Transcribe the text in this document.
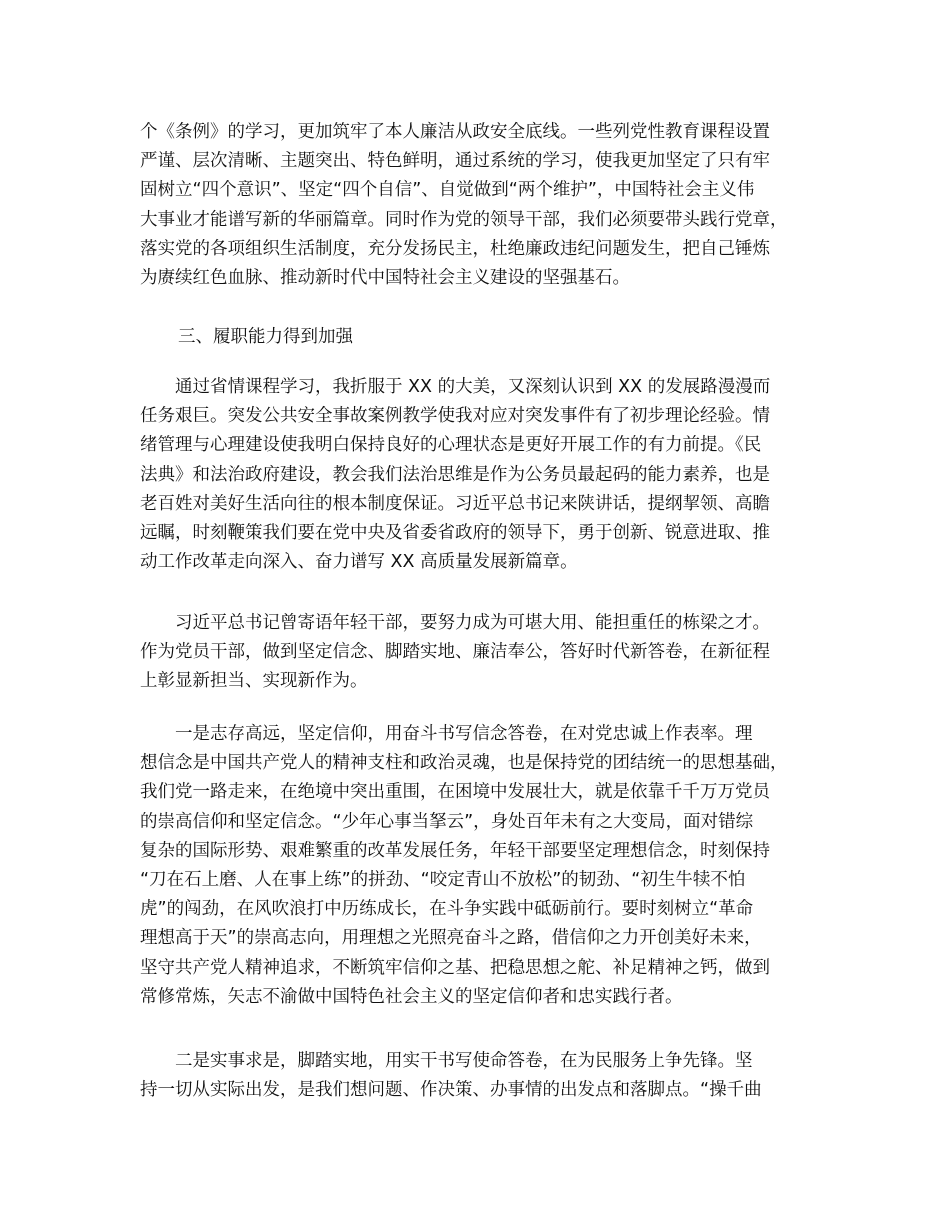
个《条例》的学习，更加筑牢了本人廉洁从政安全底线。一些列党性教育课程设置
严谨、层次清晰、主题突出、特色鲜明，通过系统的学习，使我更加坚定了只有牢
固树立“四个意识”、坚定“四个自信”、自觉做到“两个维护”，中国特社会主义伟
大事业才能谱写新的华丽篇章。同时作为党的领导干部，我们必须要带头践行党章，
落实党的各项组织生活制度，充分发扬民主，杜绝廉政违纪问题发生，把自己锤炼
为赓续红色血脉、推动新时代中国特社会主义建设的坚强基石。

三、履职能力得到加强

　　通过省情课程学习，我折服于 XX 的大美，又深刻认识到 XX 的发展路漫漫而
任务艰巨。突发公共安全事故案例教学使我对应对突发事件有了初步理论经验。情
绪管理与心理建设使我明白保持良好的心理状态是更好开展工作的有力前提。《民
法典》和法治政府建设，教会我们法治思维是作为公务员最起码的能力素养，也是
老百姓对美好生活向往的根本制度保证。习近平总书记来陕讲话，提纲挈领、高瞻
远瞩，时刻鞭策我们要在党中央及省委省政府的领导下，勇于创新、锐意进取、推
动工作改革走向深入、奋力谱写 XX 高质量发展新篇章。

　　习近平总书记曾寄语年轻干部，要努力成为可堪大用、能担重任的栋梁之才。
作为党员干部，做到坚定信念、脚踏实地、廉洁奉公，答好时代新答卷，在新征程
上彰显新担当、实现新作为。

　　一是志存高远，坚定信仰，用奋斗书写信念答卷，在对党忠诚上作表率。理
想信念是中国共产党人的精神支柱和政治灵魂，也是保持党的团结统一的思想基础，
我们党一路走来，在绝境中突出重围，在困境中发展壮大，就是依靠千千万万党员
的崇高信仰和坚定信念。“少年心事当拏云”，身处百年未有之大变局，面对错综
复杂的国际形势、艰难繁重的改革发展任务，年轻干部要坚定理想信念，时刻保持
“刀在石上磨、人在事上练”的拼劲、“咬定青山不放松”的韧劲、“初生牛犊不怕
虎”的闯劲，在风吹浪打中历练成长，在斗争实践中砥砺前行。要时刻树立“革命
理想高于天”的崇高志向，用理想之光照亮奋斗之路，借信仰之力开创美好未来，
坚守共产党人精神追求，不断筑牢信仰之基、把稳思想之舵、补足精神之钙，做到
常修常炼，矢志不渝做中国特色社会主义的坚定信仰者和忠实践行者。

　　二是实事求是，脚踏实地，用实干书写使命答卷，在为民服务上争先锋。坚
持一切从实际出发，是我们想问题、作决策、办事情的出发点和落脚点。“操千曲
